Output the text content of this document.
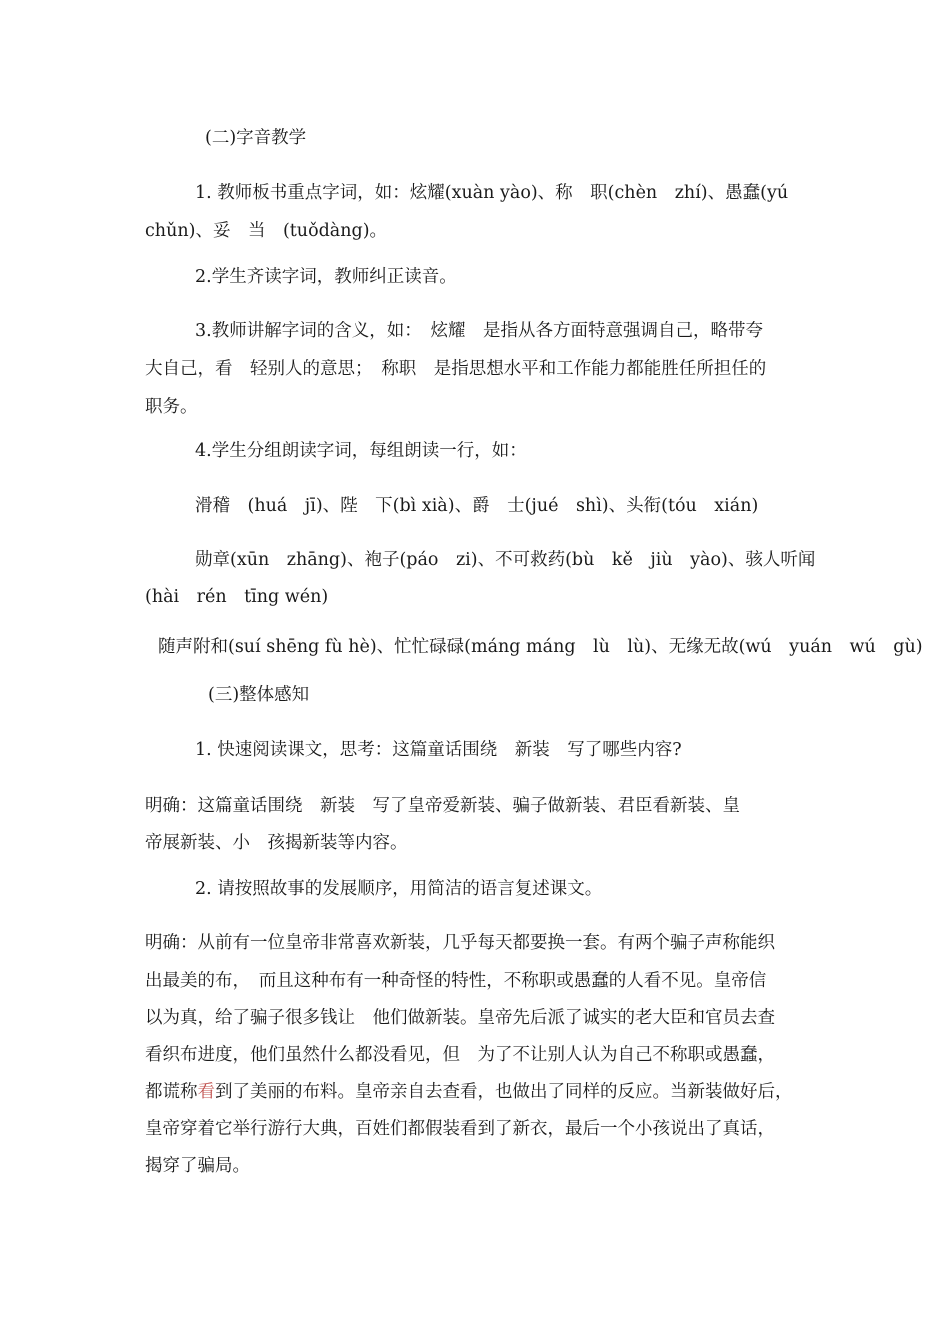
(二)字音教学
1. 教师板书重点字词，如：炫耀(xuàn yào)、称　职(chèn　zhí)、愚蠢(yú
chǔn)、妥　当　(tuǒdàng)。
2.学生齐读字词，教师纠正读音。
3.教师讲解字词的含义，如：　炫耀　是指从各方面特意强调自己，略带夸
大自己，看　轻别人的意思；　称职　是指思想水平和工作能力都能胜任所担任的
职务。
4.学生分组朗读字词，每组朗读一行，如：
滑稽　(huá　jī)、陛　下(bì xià)、爵　士(jué　shì)、头衔(tóu　xián)
勋章(xūn　zhāng)、袍子(páo　zi)、不可救药(bù　kě　jiù　yào)、骇人听闻
(hài　rén　tīng wén)
随声附和(suí shēng fù hè)、忙忙碌碌(máng máng　lù　lù)、无缘无故(wú　yuán　wú　gù)
(三)整体感知
1. 快速阅读课文，思考：这篇童话围绕　新装　写了哪些内容?
明确：这篇童话围绕　新装　写了皇帝爱新装、骗子做新装、君臣看新装、皇
帝展新装、小　孩揭新装等内容。
2. 请按照故事的发展顺序，用简洁的语言复述课文。
明确：从前有一位皇帝非常喜欢新装，几乎每天都要换一套。有两个骗子声称能织
出最美的布，　而且这种布有一种奇怪的特性，不称职或愚蠢的人看不见。皇帝信
以为真，给了骗子很多钱让　他们做新装。皇帝先后派了诚实的老大臣和官员去查
看织布进度，他们虽然什么都没看见，但　为了不让别人认为自己不称职或愚蠢，
都谎称看到了美丽的布料。皇帝亲自去查看，也做出了同样的反应。当新装做好后，
皇帝穿着它举行游行大典，百姓们都假装看到了新衣，最后一个小孩说出了真话，
揭穿了骗局。
